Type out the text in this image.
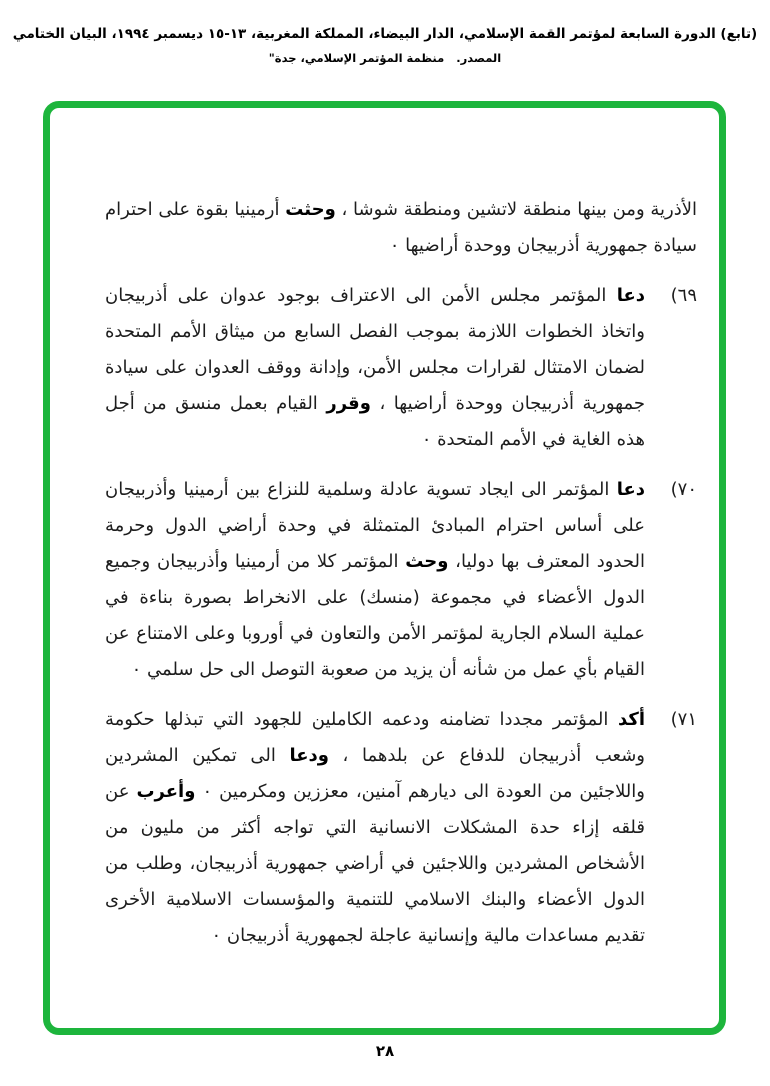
(تابع) الدورة السابعة لمؤتمر القمة الإسلامي، الدار البيضاء، المملكة المغربية، ⁦١٣-١٥⁩ ديسمبر ١٩٩٤، البيان الختامي
المصدر.   منظمة المؤتمر الإسلامي، جدة"
الأذرية ومن بينها منطقة لاتشين ومنطقة شوشا ، وحثت أرمينيا بقوة على احترام سيادة جمهورية أذربيجان ووحدة أراضيها ٠
٦٩)
دعا المؤتمر مجلس الأمن الى الاعتراف بوجود عدوان على أذربيجان واتخاذ الخطوات اللازمة بموجب الفصل السابع من ميثاق الأمم المتحدة لضمان الامتثال لقرارات مجلس الأمن، وإدانة ووقف العدوان على سيادة جمهورية أذربيجان ووحدة أراضيها ، وقرر القيام بعمل منسق من أجل هذه الغاية في الأمم المتحدة ٠
٧٠)
دعا المؤتمر الى ايجاد تسوية عادلة وسلمية للنزاع بين أرمينيا وأذربيجان على أساس احترام المبادئ المتمثلة في وحدة أراضي الدول وحرمة الحدود المعترف بها دوليا، وحث المؤتمر كلا من أرمينيا وأذربيجان وجميع الدول الأعضاء في مجموعة (منسك) على الانخراط بصورة بناءة في عملية السلام الجارية لمؤتمر الأمن والتعاون في أوروبا وعلى الامتناع عن القيام بأي عمل من شأنه أن يزيد من صعوبة التوصل الى حل سلمي ٠
٧١)
أكد المؤتمر مجددا تضامنه ودعمه الكاملين للجهود التي تبذلها حكومة وشعب أذربيجان للدفاع عن بلدهما ، ودعا الى تمكين المشردين واللاجئين من العودة الى ديارهم آمنين، معززين ومكرمين ٠ وأعرب عن قلقه إزاء حدة المشكلات الانسانية التي تواجه أكثر من مليون من الأشخاص المشردين واللاجئين في أراضي جمهورية أذربيجان، وطلب من الدول الأعضاء والبنك الاسلامي للتنمية والمؤسسات الاسلامية الأخرى تقديم مساعدات مالية وإنسانية عاجلة لجمهورية أذربيجان ٠
٢٨
